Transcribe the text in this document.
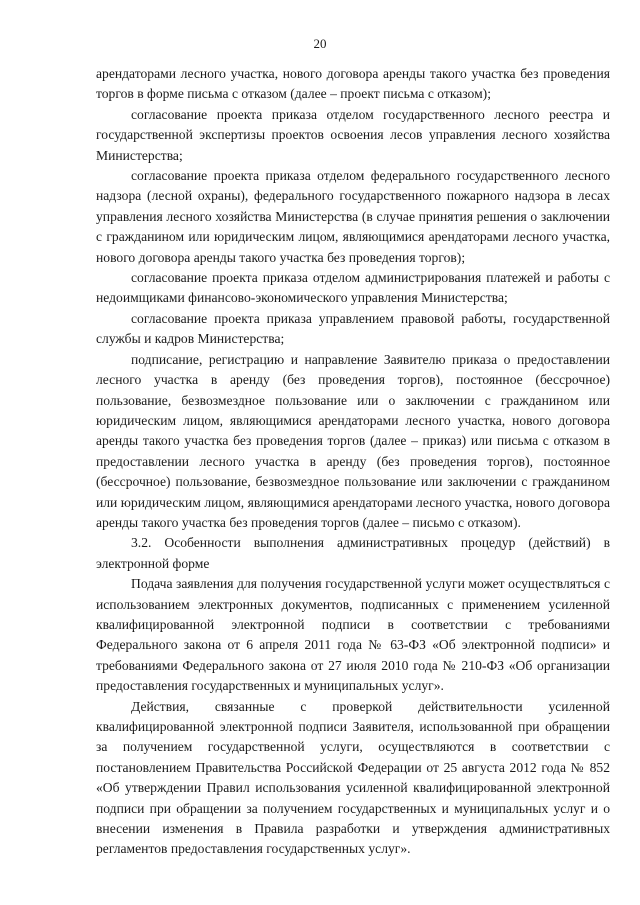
20

арендаторами лесного участка, нового договора аренды такого участка без проведения торгов в форме письма с отказом (далее – проект письма с отказом);

согласование проекта приказа отделом государственного лесного реестра и государственной экспертизы проектов освоения лесов управления лесного хозяйства Министерства;

согласование проекта приказа отделом федерального государственного лесного надзора (лесной охраны), федерального государственного пожарного надзора в лесах управления лесного хозяйства Министерства (в случае принятия решения о заключении с гражданином или юридическим лицом, являющимися арендаторами лесного участка, нового договора аренды такого участка без проведения торгов);

согласование проекта приказа отделом администрирования платежей и работы с недоимщиками финансово-экономического управления Министерства;

согласование проекта приказа управлением правовой работы, государственной службы и кадров Министерства;

подписание, регистрацию и направление Заявителю приказа о предоставлении лесного участка в аренду (без проведения торгов), постоянное (бессрочное) пользование, безвозмездное пользование или о заключении с гражданином или юридическим лицом, являющимися арендаторами лесного участка, нового договора аренды такого участка без проведения торгов (далее – приказ) или письма с отказом в предоставлении лесного участка в аренду (без проведения торгов), постоянное (бессрочное) пользование, безвозмездное пользование или заключении с гражданином или юридическим лицом, являющимися арендаторами лесного участка, нового договора аренды такого участка без проведения торгов (далее – письмо с отказом).

3.2. Особенности выполнения административных процедур (действий) в электронной форме

Подача заявления для получения государственной услуги может осуществляться с использованием электронных документов, подписанных с применением усиленной квалифицированной электронной подписи в соответствии с требованиями Федерального закона от 6 апреля 2011 года № 63-ФЗ «Об электронной подписи» и требованиями Федерального закона от 27 июля 2010 года № 210-ФЗ «Об организации предоставления государственных и муниципальных услуг».

Действия, связанные с проверкой действительности усиленной квалифицированной электронной подписи Заявителя, использованной при обращении за получением государственной услуги, осуществляются в соответствии с постановлением Правительства Российской Федерации от 25 августа 2012 года № 852 «Об утверждении Правил использования усиленной квалифицированной электронной подписи при обращении за получением государственных и муниципальных услуг и о внесении изменения в Правила разработки и утверждения административных регламентов предоставления государственных услуг».
